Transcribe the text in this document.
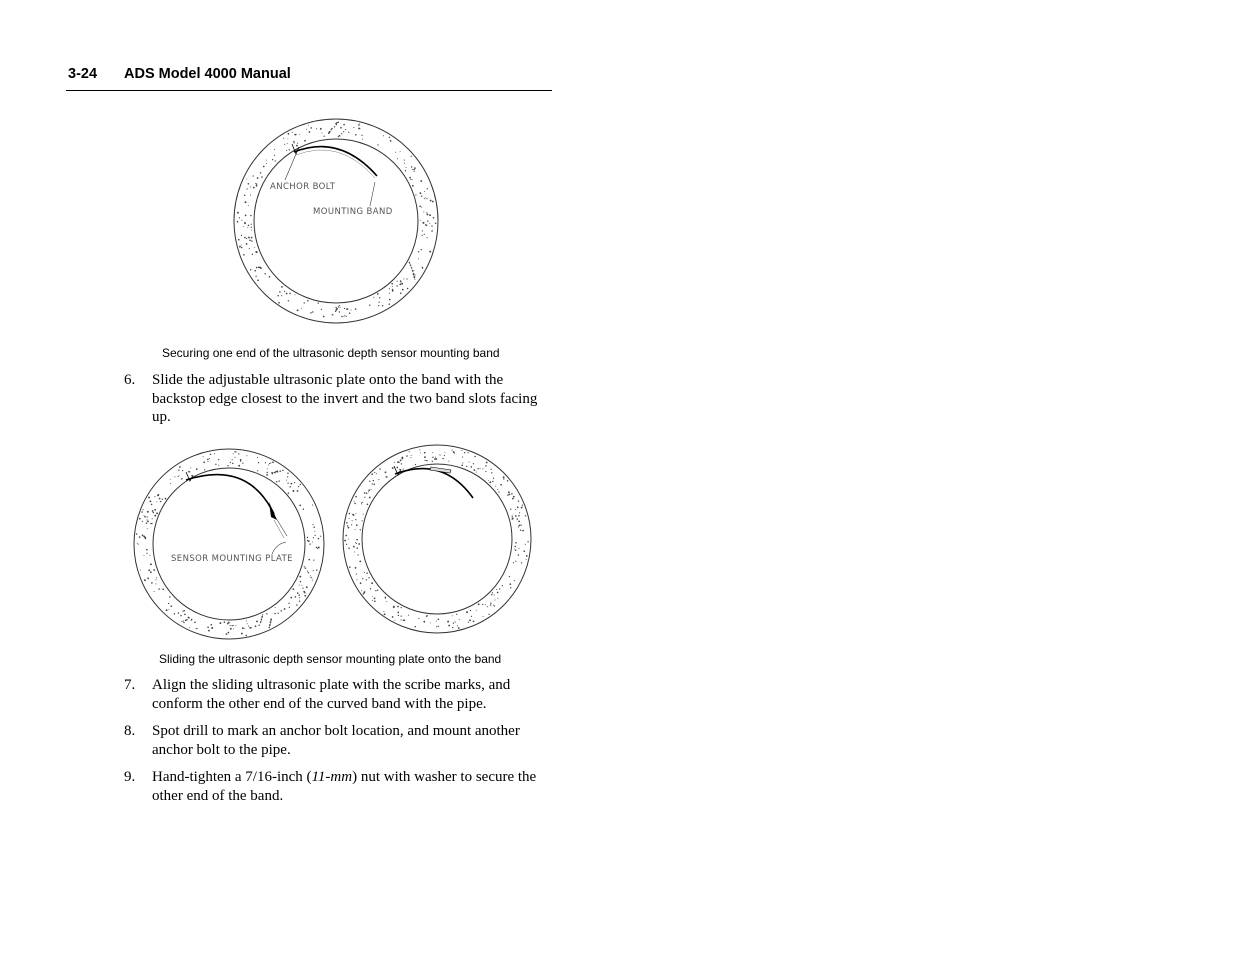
3-24 ADS Model 4000 Manual
ANCHOR BOLT
MOUNTING BAND
Securing one end of the ultrasonic depth sensor mounting band
6. Slide the adjustable ultrasonic plate onto the band with the backstop edge closest to the invert and the two band slots facing up.
SENSOR MOUNTING PLATE
Sliding the ultrasonic depth sensor mounting plate onto the band
7. Align the sliding ultrasonic plate with the scribe marks, and conform the other end of the curved band with the pipe.
8. Spot drill to mark an anchor bolt location, and mount another anchor bolt to the pipe.
9. Hand-tighten a 7/16-inch (11-mm) nut with washer to secure the other end of the band.
